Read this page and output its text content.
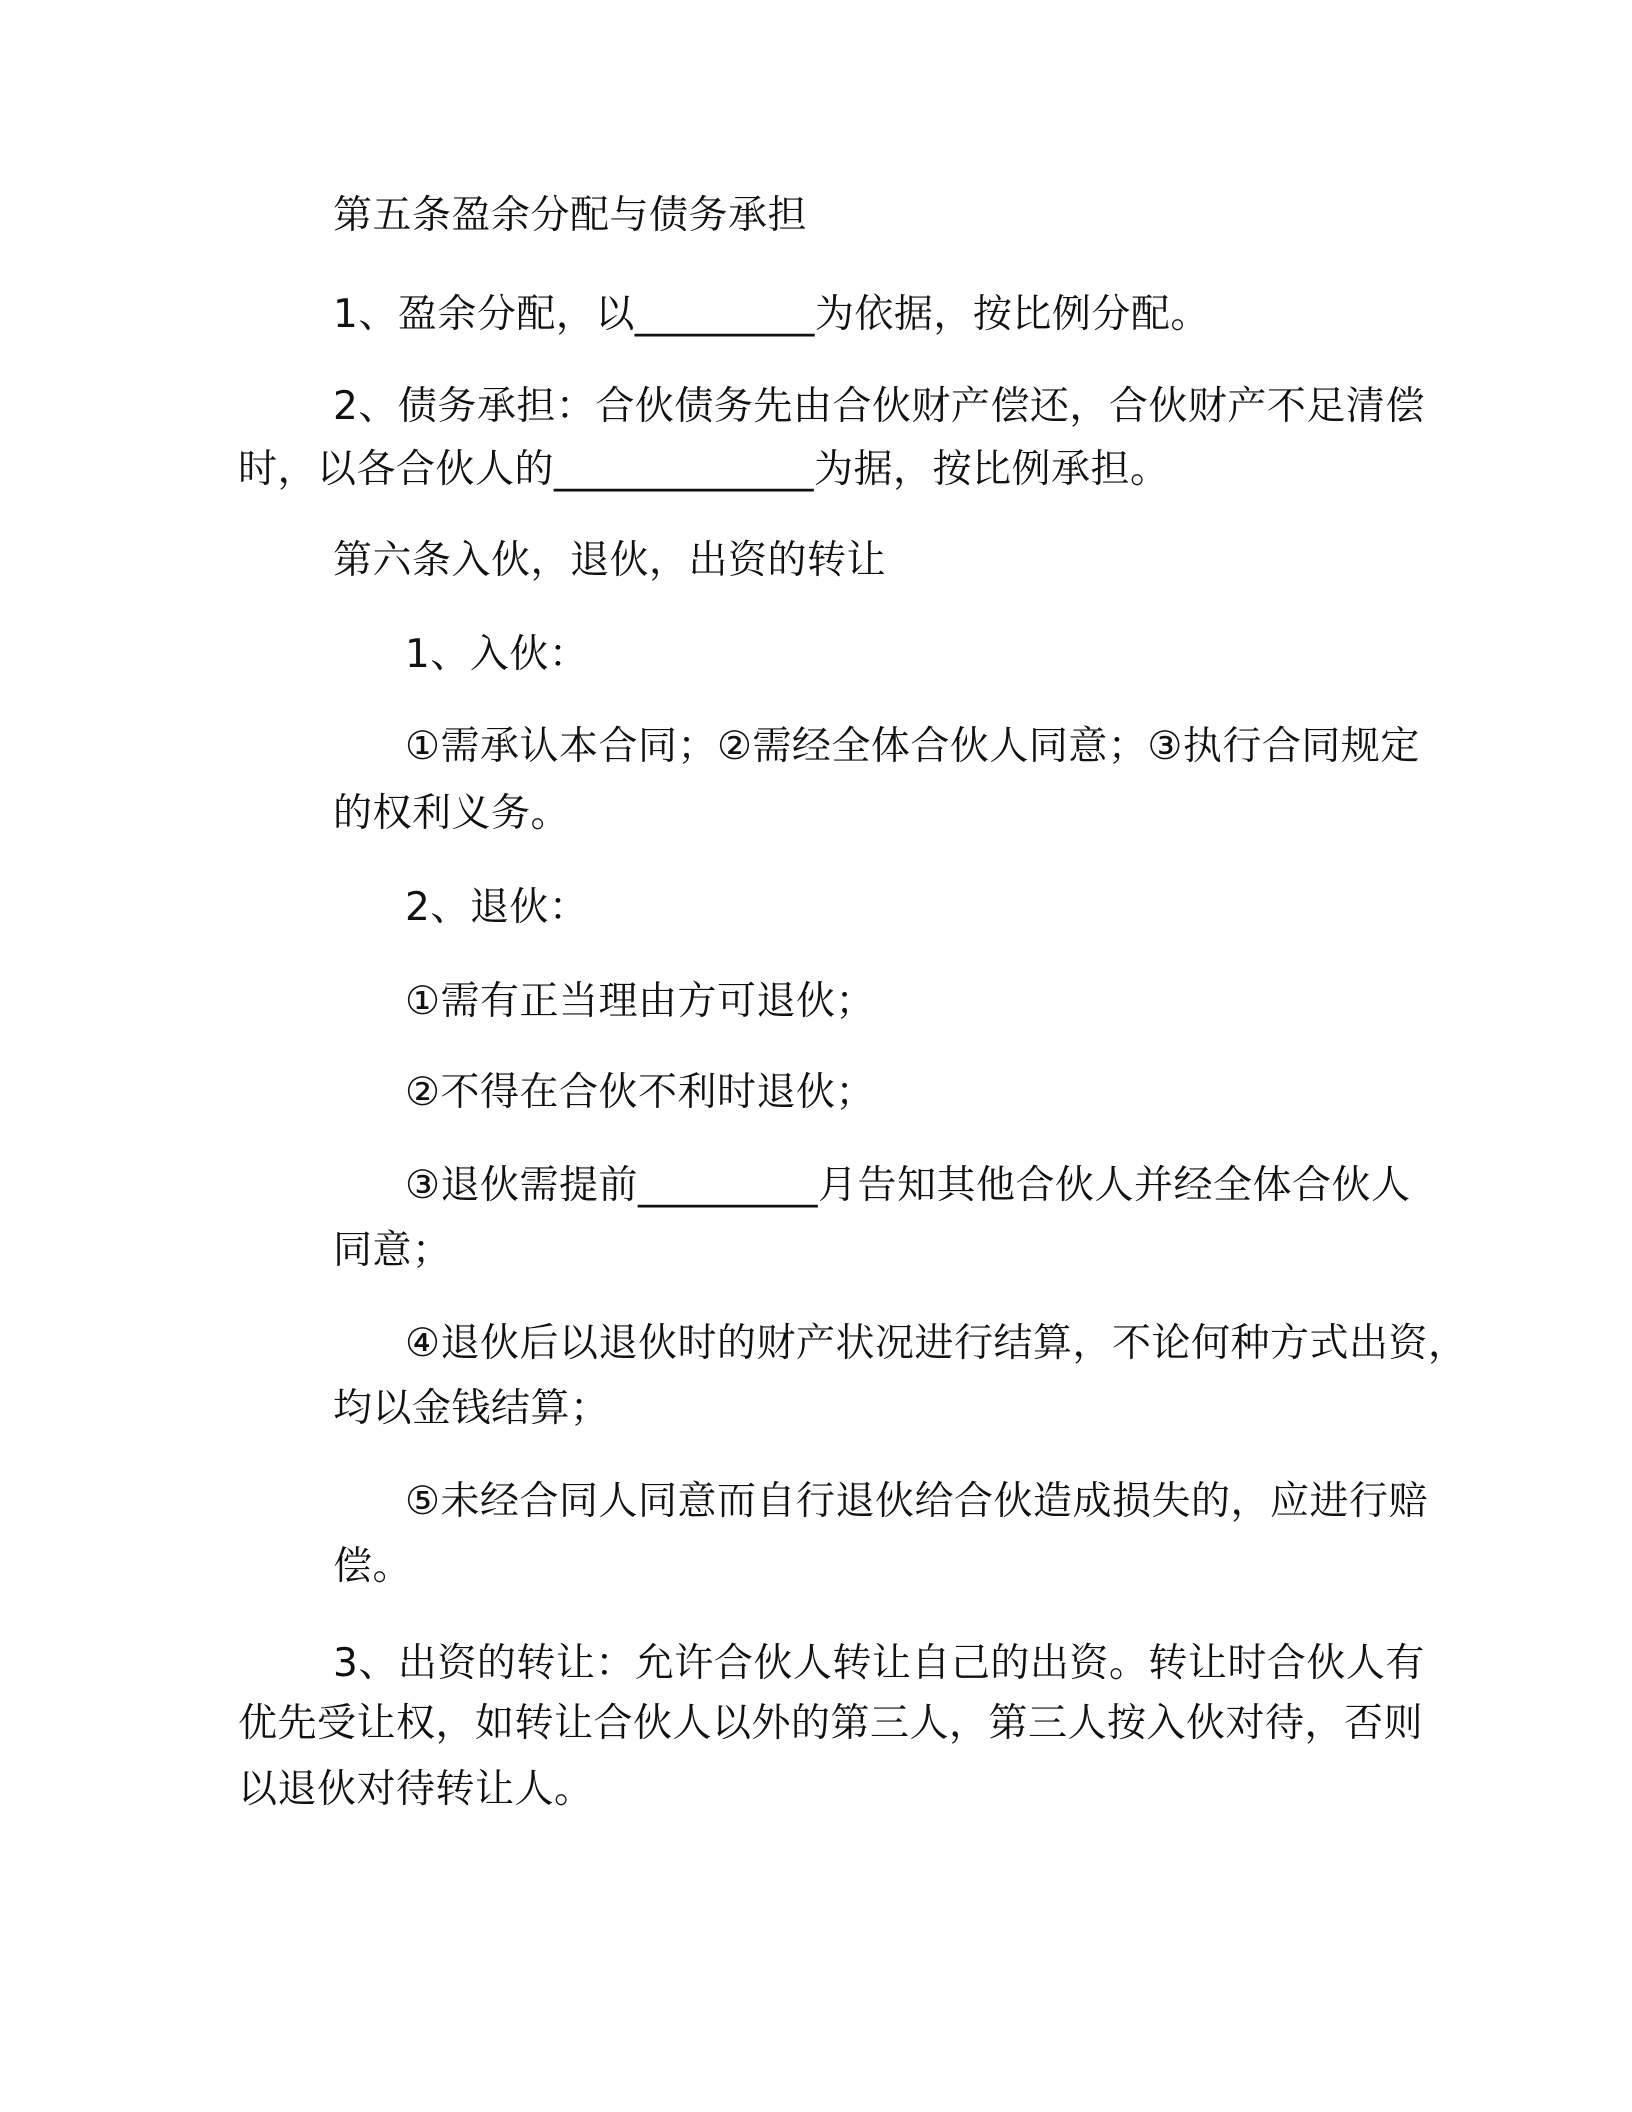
第五条盈余分配与债务承担
1、盈余分配，以_________为依据，按比例分配。
2、债务承担：合伙债务先由合伙财产偿还，合伙财产不足清偿
时，以各合伙人的_____________为据，按比例承担。
第六条入伙，退伙，出资的转让
1、入伙：
①需承认本合同；②需经全体合伙人同意；③执行合同规定
的权利义务。
2、退伙：
①需有正当理由方可退伙；
②不得在合伙不利时退伙；
③退伙需提前_________月告知其他合伙人并经全体合伙人
同意；
④退伙后以退伙时的财产状况进行结算，不论何种方式出资，
均以金钱结算；
⑤未经合同人同意而自行退伙给合伙造成损失的，应进行赔
偿。
3、出资的转让：允许合伙人转让自己的出资。转让时合伙人有
优先受让权，如转让合伙人以外的第三人，第三人按入伙对待，否则
以退伙对待转让人。
